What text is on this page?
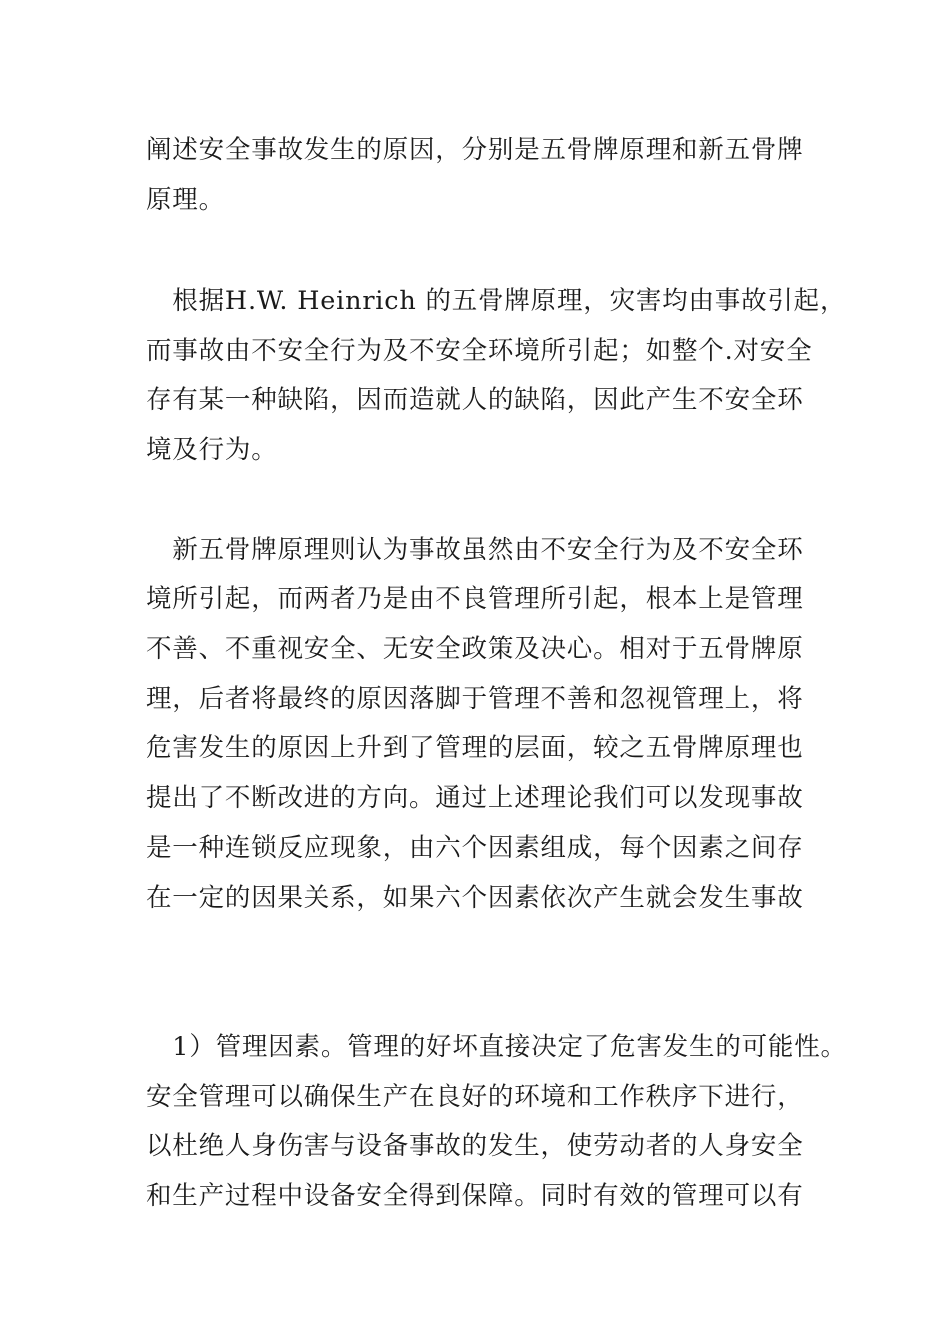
阐述安全事故发生的原因，分别是五骨牌原理和新五骨牌

原理。

　根据H.W. Heinrich 的五骨牌原理，灾害均由事故引起，

而事故由不安全行为及不安全环境所引起；如整个.对安全

存有某一种缺陷，因而造就人的缺陷，因此产生不安全环

境及行为。

　新五骨牌原理则认为事故虽然由不安全行为及不安全环

境所引起，而两者乃是由不良管理所引起，根本上是管理

不善、不重视安全、无安全政策及决心。相对于五骨牌原

理，后者将最终的原因落脚于管理不善和忽视管理上，将

危害发生的原因上升到了管理的层面，较之五骨牌原理也

提出了不断改进的方向。通过上述理论我们可以发现事故

是一种连锁反应现象，由六个因素组成，每个因素之间存

在一定的因果关系，如果六个因素依次产生就会发生事故

　1）管理因素。管理的好坏直接决定了危害发生的可能性。

安全管理可以确保生产在良好的环境和工作秩序下进行，

以杜绝人身伤害与设备事故的发生，使劳动者的人身安全

和生产过程中设备安全得到保障。同时有效的管理可以有
